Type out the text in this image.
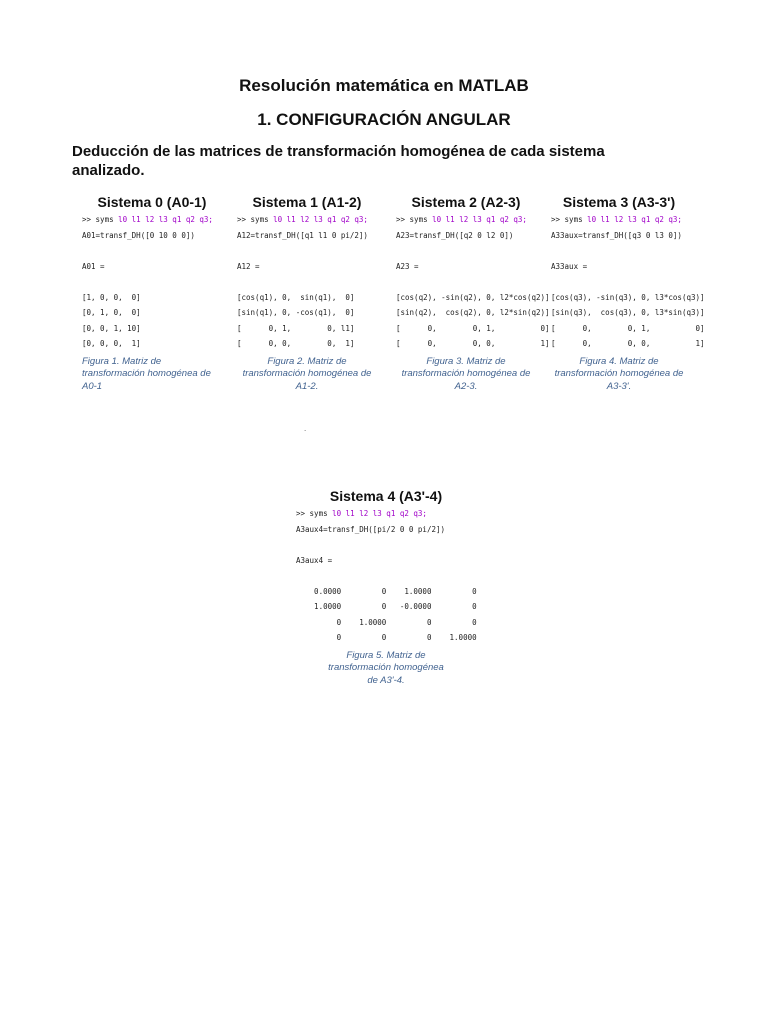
Resolución matemática en MATLAB
1. CONFIGURACIÓN ANGULAR
Deducción de las matrices de transformación homogénea de cada sistema analizado.
Sistema 0 (A0-1)
>> syms l0 l1 l2 l3 q1 q2 q3;
A01=transf_DH([0 10 0 0])

A01 =

[1, 0, 0,  0]
[0, 1, 0,  0]
[0, 0, 1, 10]
[0, 0, 0,  1]
Figura 1. Matriz de transformación homogénea de A0-1
Sistema 1 (A1-2)
>> syms l0 l1 l2 l3 q1 q2 q3;
A12=transf_DH([q1 l1 0 pi/2])

A12 =

[cos(q1), 0,  sin(q1),  0]
[sin(q1), 0, -cos(q1),  0]
[      0, 1,        0, l1]
[      0, 0,        0,  1]
Figura 2. Matriz de transformación homogénea de A1-2.
Sistema 2 (A2-3)
>> syms l0 l1 l2 l3 q1 q2 q3;
A23=transf_DH([q2 0 l2 0])

A23 =

[cos(q2), -sin(q2), 0, l2*cos(q2)]
[sin(q2),  cos(q2), 0, l2*sin(q2)]
[      0,        0, 1,          0]
[      0,        0, 0,          1]
Figura 3. Matriz de transformación homogénea de A2-3.
Sistema 3 (A3-3')
>> syms l0 l1 l2 l3 q1 q2 q3;
A33aux=transf_DH([q3 0 l3 0])

A33aux =

[cos(q3), -sin(q3), 0, l3*cos(q3)]
[sin(q3),  cos(q3), 0, l3*sin(q3)]
[      0,        0, 1,          0]
[      0,        0, 0,          1]
Figura 4. Matriz de transformación homogénea de A3-3'.
.
Sistema 4 (A3'-4)
>> syms l0 l1 l2 l3 q1 q2 q3;
A3aux4=transf_DH([pi/2 0 0 pi/2])

A3aux4 =

0.0000         0    1.0000         0
1.0000         0   -0.0000         0
0    1.0000         0         0
0         0         0    1.0000
Figura 5. Matriz de transformación homogénea de A3'-4.
